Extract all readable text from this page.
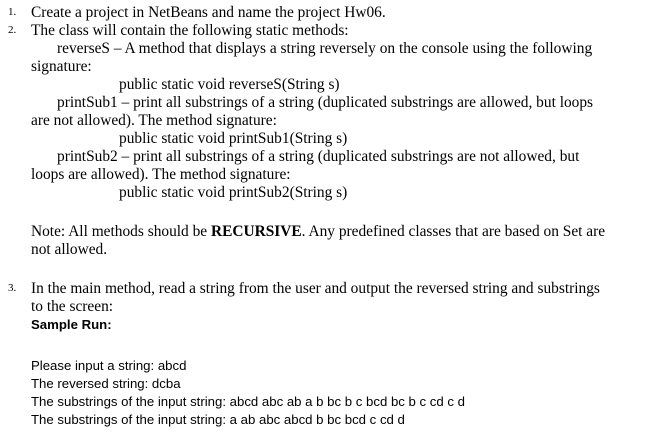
1. Create a project in NetBeans and name the project Hw06.
2. The class will contain the following static methods:
reverseS – A method that displays a string reversely on the console using the following
signature:
public static void reverseS(String s)
printSub1 – print all substrings of a string (duplicated substrings are allowed, but loops
are not allowed). The method signature:
public static void printSub1(String s)
printSub2 – print all substrings of a string (duplicated substrings are not allowed, but
loops are allowed). The method signature:
public static void printSub2(String s)
Note: All methods should be RECURSIVE. Any predefined classes that are based on Set are
not allowed.
3. In the main method, read a string from the user and output the reversed string and substrings
to the screen:
Sample Run:
Please input a string: abcd
The reversed string: dcba
The substrings of the input string: abcd abc ab a b bc b c bcd bc b c cd c d
The substrings of the input string: a ab abc abcd b bc bcd c cd d
